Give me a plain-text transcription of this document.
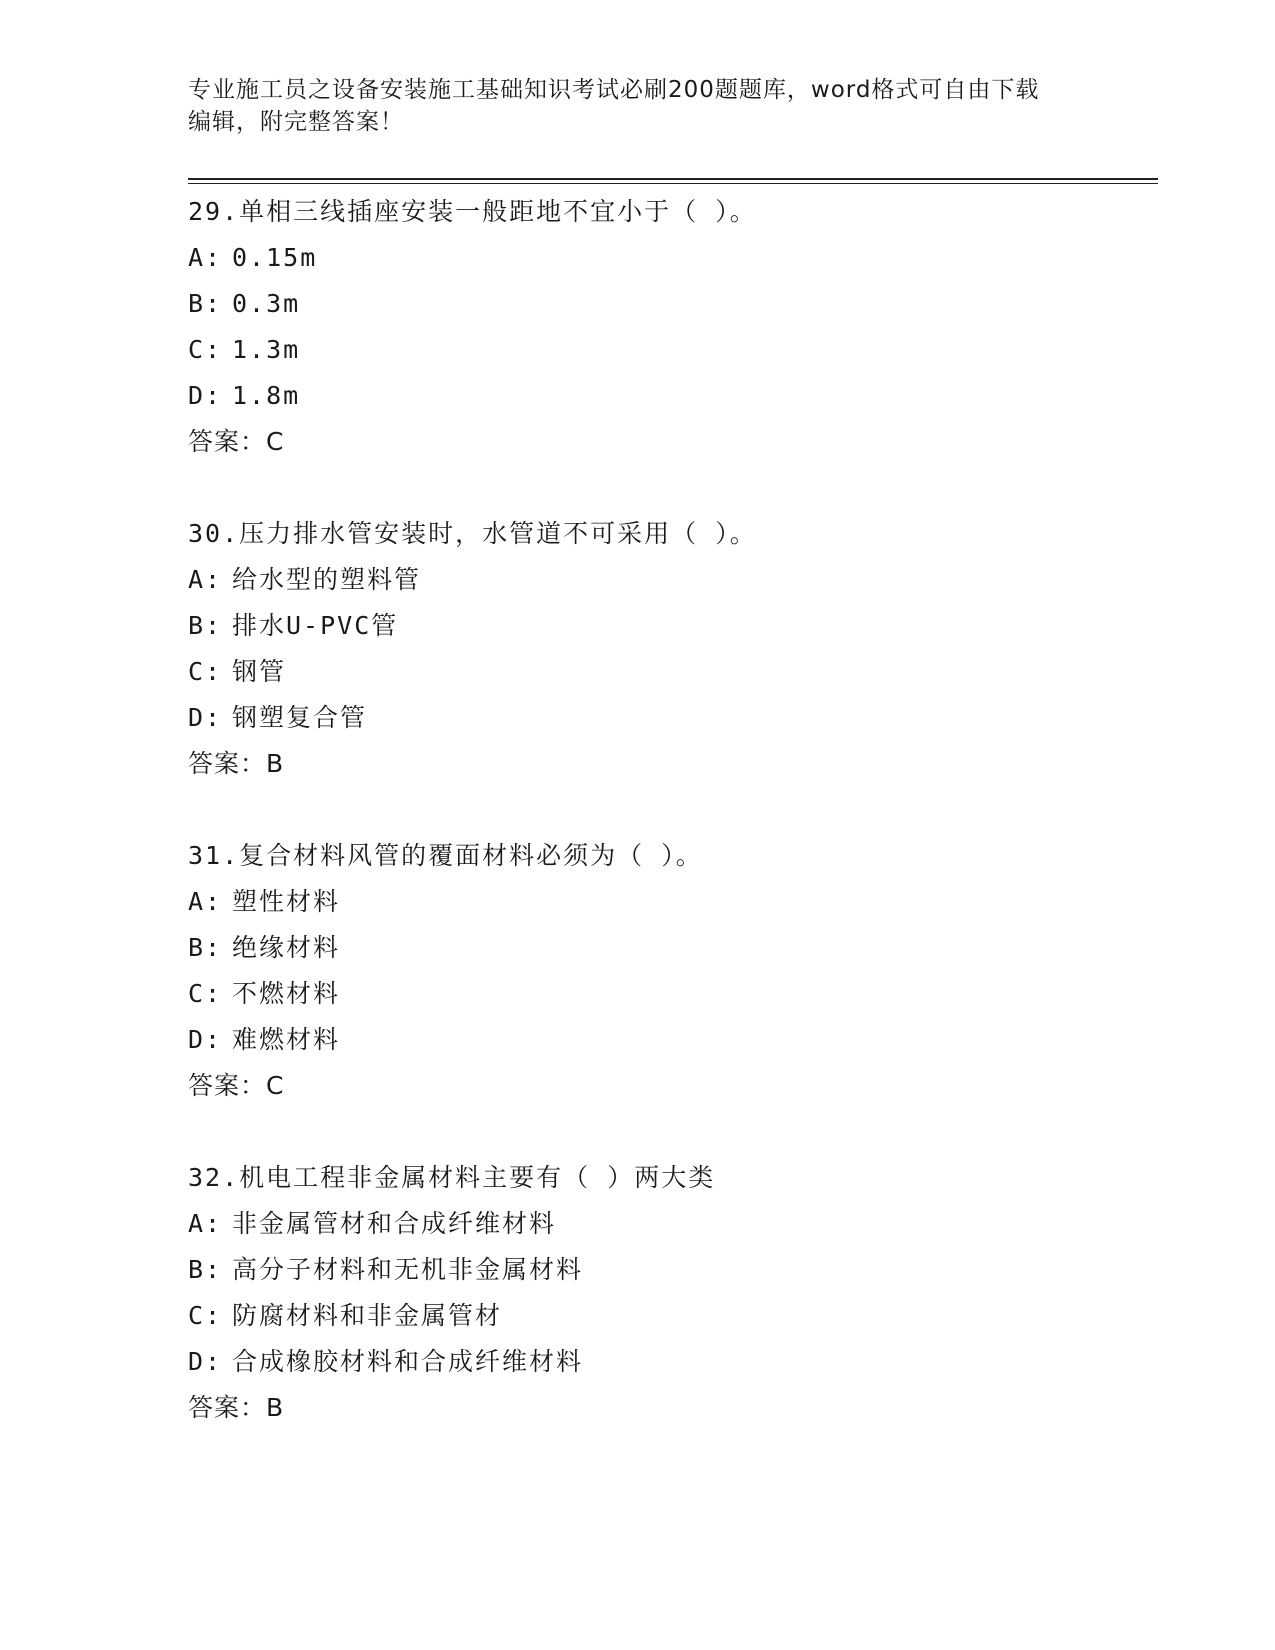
专业施工员之设备安装施工基础知识考试必刷200题题库，word格式可自由下载
编辑，附完整答案！
29.单相三线插座安装一般距地不宜小于（ ）。
A: 0.15m
B: 0.3m
C: 1.3m
D: 1.8m
答案：C
30.压力排水管安装时，水管道不可采用（ ）。
A: 给水型的塑料管
B: 排水U-PVC管
C: 钢管
D: 钢塑复合管
答案：B
31.复合材料风管的覆面材料必须为（ ）。
A: 塑性材料
B: 绝缘材料
C: 不燃材料
D: 难燃材料
答案：C
32.机电工程非金属材料主要有（ ）两大类
A: 非金属管材和合成纤维材料
B: 高分子材料和无机非金属材料
C: 防腐材料和非金属管材
D: 合成橡胶材料和合成纤维材料
答案：B
